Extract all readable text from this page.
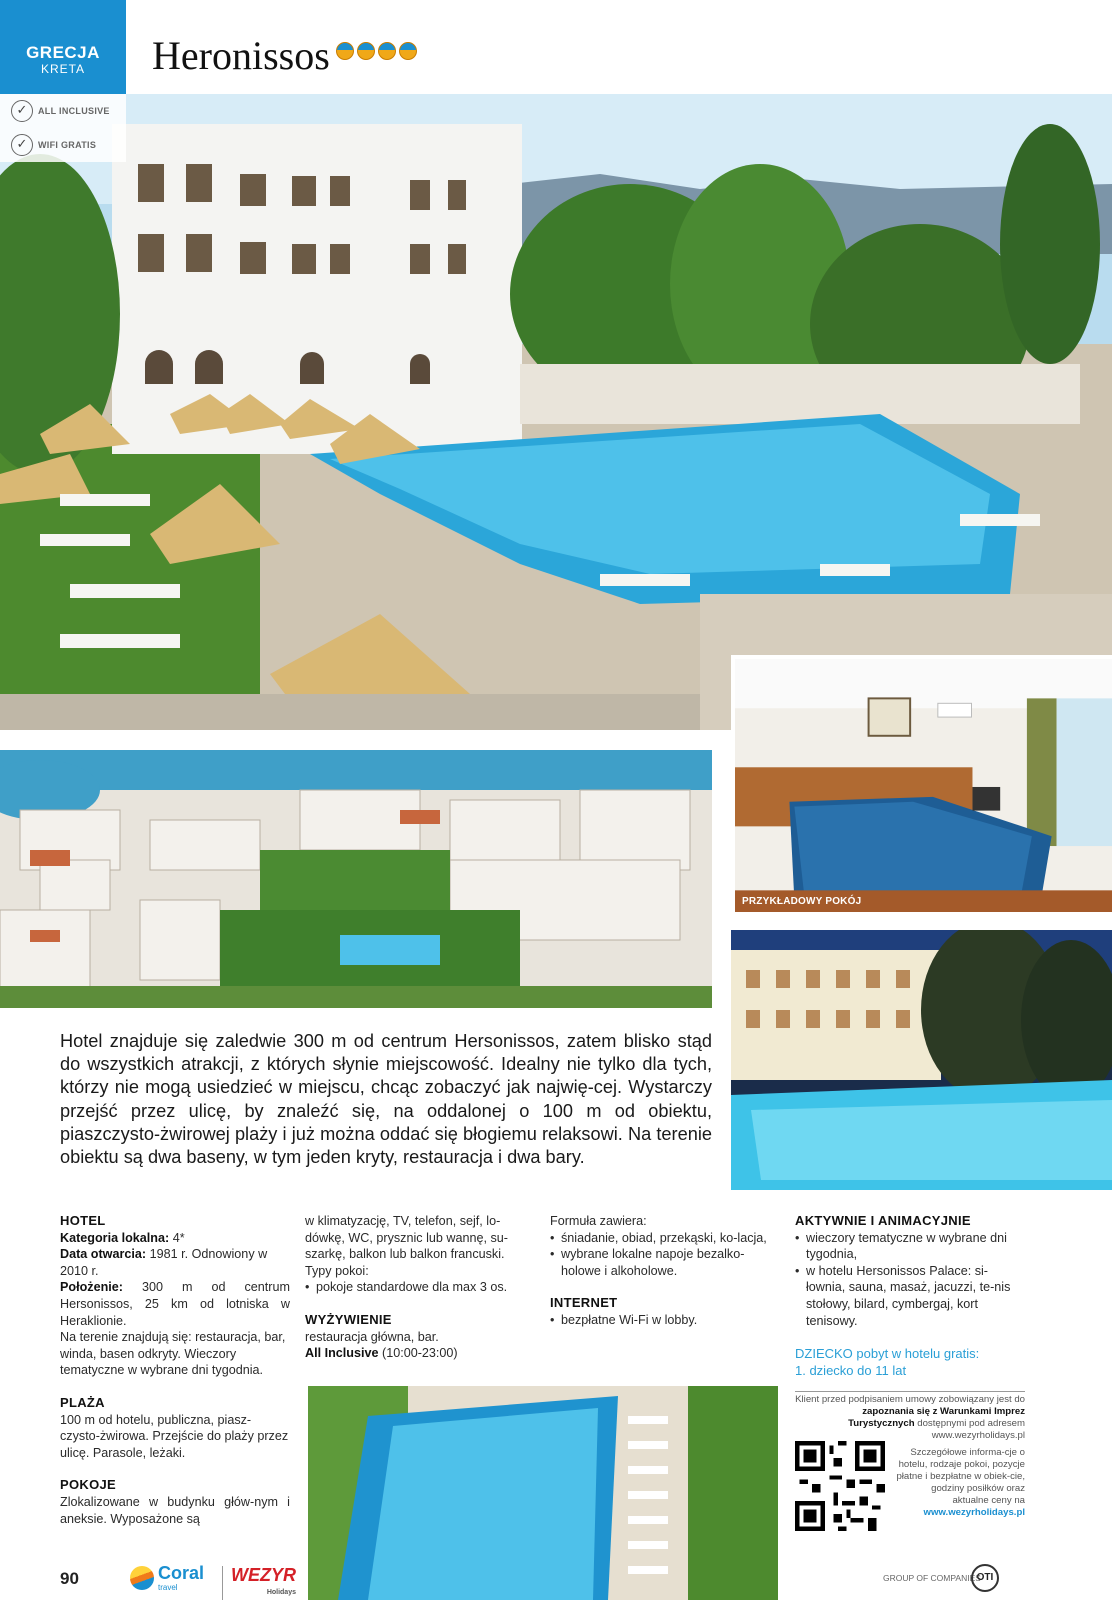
GRECJA
KRETA	Heronissos
✓	ALL INCLUSIVE
✓	WIFI GRATIS
PRZYKŁADOWY POKÓJ
Hotel znajduje się zaledwie 300 m od centrum Hersonissos, zatem blisko stąd do wszystkich atrakcji, z których słynie miejscowość. Idealny nie tylko dla tych, którzy nie mogą usiedzieć w miejscu, chcąc zobaczyć jak najwię-cej. Wystarczy przejść przez ulicę, by znaleźć się, na oddalonej o 100 m od obiektu, piaszczysto-żwirowej plaży i już można oddać się błogiemu relaksowi. Na terenie obiektu są dwa baseny, w tym jeden kryty, restauracja i dwa bary.
HOTEL
Kategoria lokalna: 4*
Data otwarcia: 1981 r. Odnowiony w 2010 r.
Położenie: 300 m od centrum Hersonissos, 25 km od lotniska w Heraklionie.
Na terenie znajdują się: restauracja, bar, winda, basen odkryty. Wieczory tematyczne w wybrane dni tygodnia.
PLAŻA
100 m od hotelu, publiczna, piasz-czysto-żwirowa. Przejście do plaży przez ulicę. Parasole, leżaki.
POKOJE
Zlokalizowane w budynku głów-nym i aneksie. Wyposażone są
w klimatyzację, TV, telefon, sejf, lo-dówkę, WC, prysznic lub wannę, su-szarkę, balkon lub balkon francuski.
Typy pokoi:
• pokoje standardowe dla max 3 os.
WYŻYWIENIE
restauracja główna, bar.
All Inclusive (10:00-23:00)
Formuła zawiera:
• śniadanie, obiad, przekąski, ko-lacja,
• wybrane lokalne napoje bezalko-holowe i alkoholowe.
INTERNET
• bezpłatne Wi-Fi w lobby.
AKTYWNIE I ANIMACYJNIE
• wieczory tematyczne w wybrane dni tygodnia,
• w hotelu Hersonissos Palace: si-łownia, sauna, masaż, jacuzzi, te-nis stołowy, bilard, cymbergaj, kort tenisowy.
DZIECKO pobyt w hotelu gratis:
1. dziecko do 11 lat
Klient przed podpisaniem umowy zobowiązany jest do zapoznania się z Warunkami Imprez Turystycznych dostępnymi pod adresem
www.wezyrholidays.pl
Szczegółowe informa-cje o hotelu, rodzaje pokoi, pozycje płatne i bezpłatne w obiek-cie, godziny posiłków oraz aktualne ceny na
www.wezyrholidays.pl
90	Coral
travel
WEZYR
Holidays
GROUP OF COMPANIES
OTI
